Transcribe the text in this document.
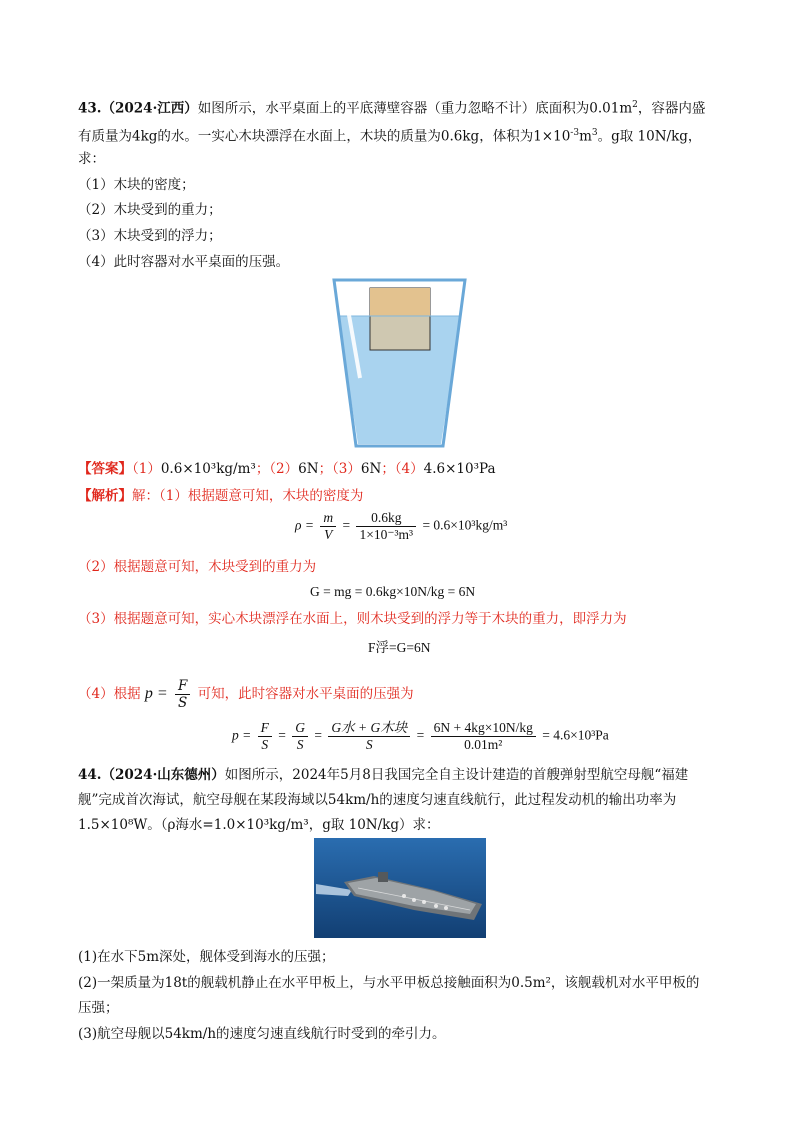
43.（2024·江西）如图所示，水平桌面上的平底薄壁容器（重力忽略不计）底面积为$0.01m^2$，容器内盛
有质量为4kg的水。一实心木块漂浮在水面上，木块的质量为0.6kg，体积为$1\times 10^{-3}m^3$。g取 10N/kg，
求：
（1）木块的密度；
（2）木块受到的重力；
（3）木块受到的浮力；
（4）此时容器对水平桌面的压强。
【答案】（1）0.6×10³kg/m³；（2）6N；（3）6N；（4）4.6×10³Pa
【解析】解：（1）根据题意可知，木块的密度为
$\rho = \frac{m}{V} = \frac{0.6kg}{\text{1×10⁻³m³}} = 0.6\times 10^3kg/m^3$
（2）根据题意可知，木块受到的重力为
G = mg = 0.6kg×10N/kg = 6N
（3）根据题意可知，实心木块漂浮在水面上，则木块受到的浮力等于木块的重力，即浮力为
F浮=G=6N
（4）根据 $p = \frac{F}{S}$ 可知，此时容器对水平桌面的压强为
$p = \frac{F}{S} = \frac{G}{S} = \frac{\text{G水 + G木块}}{S} = \frac{6N + 4kg\times 10N/kg}{\text{0.01m²}} = 4.6\times 10^3Pa$
44.（2024·山东德州）如图所示，2024年5月8日我国完全自主设计建造的首艘弹射型航空母舰“福建
舰”完成首次海试，航空母舰在某段海域以54km/h的速度匀速直线航行，此过程发动机的输出功率为
1.5×10⁸W。（ρ海水=1.0×10³kg/m³，g取 10N/kg）求：
(1)在水下5m深处，舰体受到海水的压强；
(2)一架质量为18t的舰载机静止在水平甲板上，与水平甲板总接触面积为0.5m²，该舰载机对水平甲板的
压强；
(3)航空母舰以54km/h的速度匀速直线航行时受到的牵引力。
